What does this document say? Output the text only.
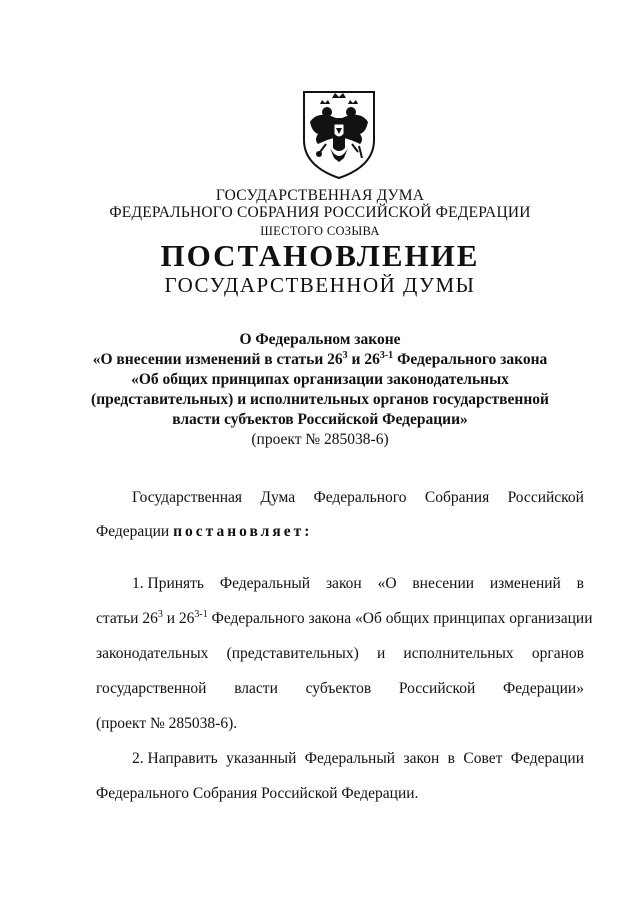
ГОСУДАРСТВЕННАЯ ДУМА
ФЕДЕРАЛЬНОГО СОБРАНИЯ РОССИЙСКОЙ ФЕДЕРАЦИИ
ШЕСТОГО СОЗЫВА
ПОСТАНОВЛЕНИЕ
ГОСУДАРСТВЕННОЙ ДУМЫ
О Федеральном законе
«О внесении изменений в статьи $26^3$ и 26$^{3-1}$ Федерального закона
«Об общих принципах организации законодательных
(представительных) и исполнительных органов государственной
власти субъектов Российской Федерации»
(проект № 285038-6)
Государственная Дума Федерального Собрания Российской
Федерации постановляет:
1. Принять Федеральный закон «О внесении изменений в
статьи $26^3$ и 26$^{3-1}$ Федерального закона «Об общих принципах организации
законодательных (представительных) и исполнительных органов
государственной власти субъектов Российской Федерации»
(проект № 285038-6).
2. Направить указанный Федеральный закон в Совет Федерации
Федерального Собрания Российской Федерации.
